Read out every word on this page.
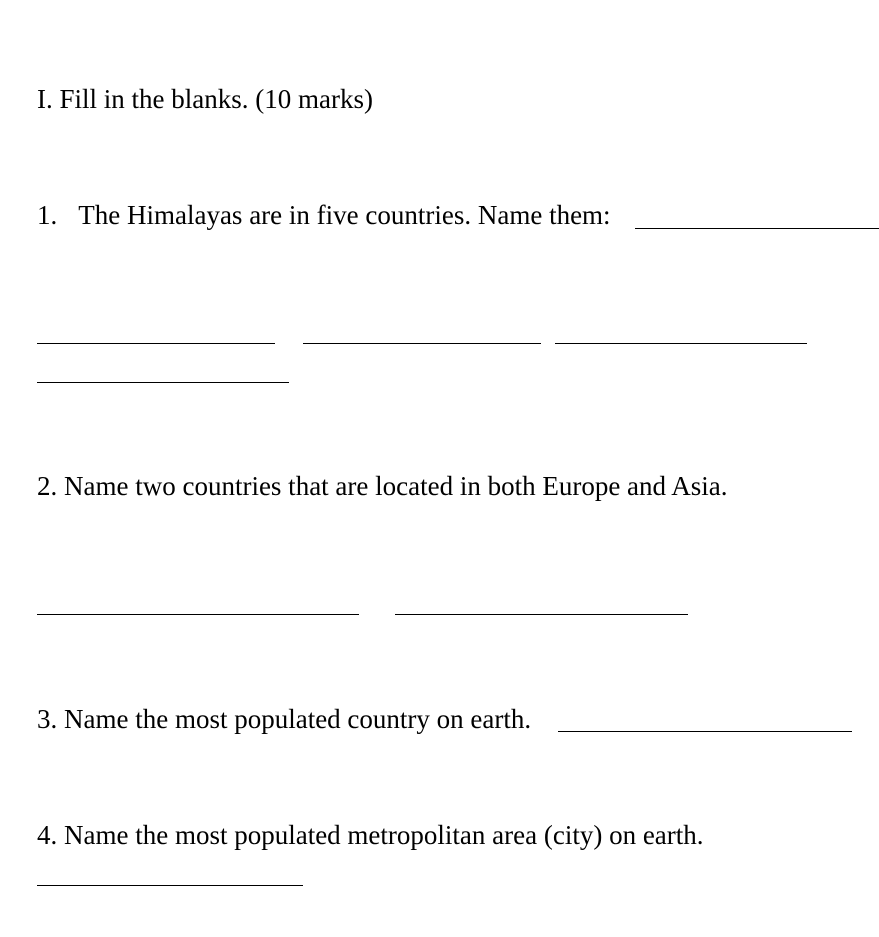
I. Fill in the blanks. (10 marks)
1. The Himalayas are in five countries. Name them:
2. Name two countries that are located in both Europe and Asia.
3. Name the most populated country on earth.
4. Name the most populated metropolitan area (city) on earth.
